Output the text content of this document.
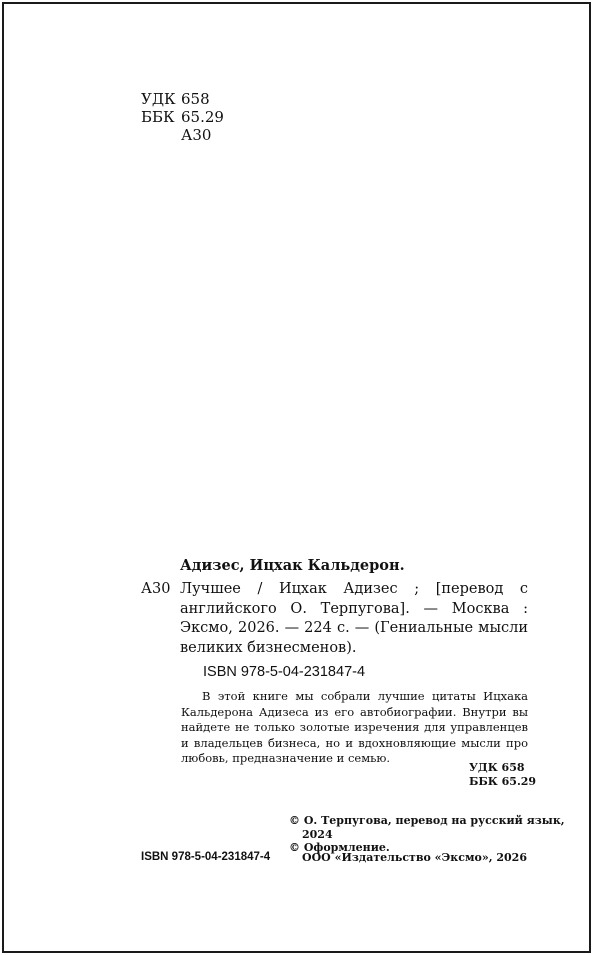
УДК 658
ББК 65.29
А30
Адизес, Ицхак Кальдерон.
А30 Лучшее / Ицхак Адизес ; [перевод с английского О. Терпугова]. — Москва : Эксмо, 2026. — 224 с. — (Гениальные мысли великих бизнесменов).
ISBN 978-5-04-231847-4
В этой книге мы собрали лучшие цитаты Ицхака Кальдерона Адизеса из его автобиографии. Внутри вы найдете не только золотые изречения для управленцев и владельцев бизнеса, но и вдохновляющие мысли про любовь, предназначение и семью.
УДК 658
ББК 65.29
© О. Терпугова, перевод на русский язык,
2024
© Оформление.
ISBN 978-5-04-231847-4	ООО «Издательство «Эксмо», 2026
